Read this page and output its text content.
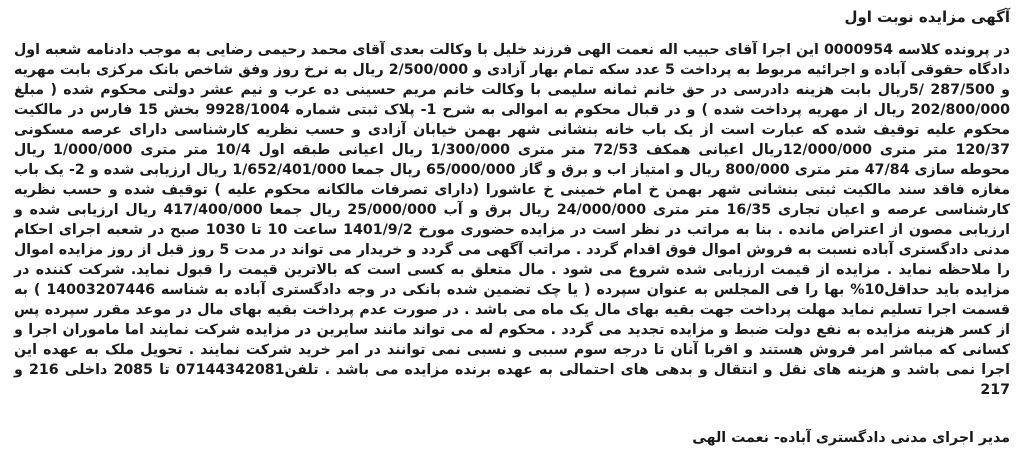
آگهی مزایده نوبت اول

در پرونده کلاسه 0000954 این اجرا آقای حبیب اله نعمت الهی فرزند خلیل با وکالت بعدی آقای محمد رحیمی رضایی به موجب دادنامه شعبه اول دادگاه حقوقی آباده و اجرائیه مربوط به پرداخت 5 عدد سکه تمام بهار آزادی و 2/500/000 ریال به نرخ روز وفق شاخص بانک مرکزی بابت مهریه و 287/500 /5ریال بابت هزینه دادرسی در حق خانم ثمانه سلیمی با وکالت خانم مریم حسینی ده عرب و نیم عشر دولتی محکوم شده ( مبلغ 202/800/000 ریال از مهریه پرداخت شده ) و در قبال محکوم به اموالی به شرح 1- پلاک ثبتی شماره 9928/1004 بخش 15 فارس در مالکیت محکوم علیه توقیف شده که عبارت است از یک باب خانه بنشانی شهر بهمن خیابان آزادی و حسب نظریه کارشناسی دارای عرصه مسکونی 120/37 متر متری 12/000/000ریال اعیانی همکف 72/53 متر متری 1/300/000 ریال اعیانی طبقه اول 10/4 متر متری 1/000/000 ریال محوطه سازی 47/84 متر متری 800/000 ریال و امتیاز اب و برق و گاز 65/000/000 ریال جمعا 1/652/401/000 ریال ارزیابی شده و 2- یک باب مغازه فاقد سند مالکیت ثبتی بنشانی شهر بهمن خ امام خمینی خ عاشورا (دارای تصرفات مالکانه محکوم علیه ) توقیف شده و حسب نظریه کارشناسی عرصه و اعیان تجاری 16/35 متر متری 24/000/000 ریال برق و آب 25/000/000 ریال جمعا 417/400/000 ریال ارزیابی شده و ارزیابی مصون از اعتراض مانده . بنا به مراتب در نظر است در مزایده حضوری مورخ 1401/9/2 ساعت 10 تا 1030 صبح در شعبه اجرای احکام مدنی دادگستری آباده نسبت به فروش اموال فوق اقدام گردد . مراتب آگهی می گردد و خریدار می تواند در مدت 5 روز قبل از روز مزایده اموال را ملاحظه نماید . مزایده از قیمت ارزیابی شده شروع می شود . مال متعلق به کسی است که بالاترین قیمت را قبول نماید. شرکت کننده در مزایده باید حداقل10% بها را فی المجلس به عنوان سپرده ( یا چک تضمین شده بانکی در وجه دادگستری آباده به شناسه 14003207446 ) به قسمت اجرا تسلیم نماید مهلت پرداخت جهت بقیه بهای مال یک ماه می باشد . در صورت عدم پرداخت بقیه بهای مال در موعد مقرر سپرده پس از کسر هزینه مزایده به نفع دولت ضبط و مزایده تجدید می گردد . محکوم له می تواند مانند سایرین در مزایده شرکت نمایند اما ماموران اجرا و کسانی که مباشر امر فروش هستند و اقربا آنان تا درجه سوم سببی و نسبی نمی توانند در امر خرید شرکت نمایند . تحویل ملک به عهده این اجرا نمی باشد و هزینه های نقل و انتقال و بدهی های احتمالی به عهده برنده مزایده می باشد . تلفن07144342081 تا 2085 داخلی 216 و 217

مدیر اجرای مدنی دادگستری آباده- نعمت الهی
